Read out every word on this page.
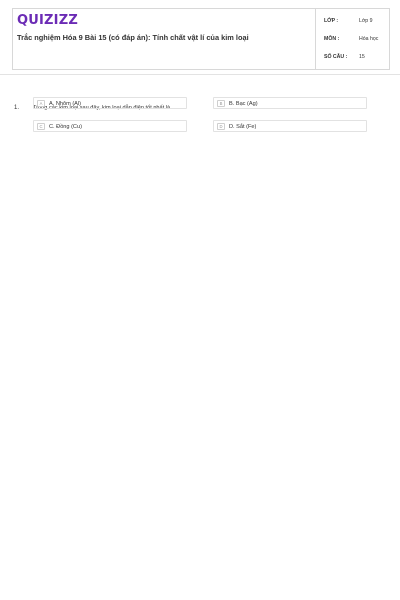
QUIZIZZ
Trắc nghiệm Hóa 9 Bài 15 (có đáp án): Tính chất vật lí của kim loại
LỚP :	Lớp 9
MÔN :	Hóa học
SỐ CÂU : 15
1. Trong các kim loại sau đây, kim loại dẫn điện tốt nhất là
A	A. Nhôm (Al)	B	B. Bạc (Ag)
C	C. Đồng (Cu)	D	D. Sắt (Fe)
